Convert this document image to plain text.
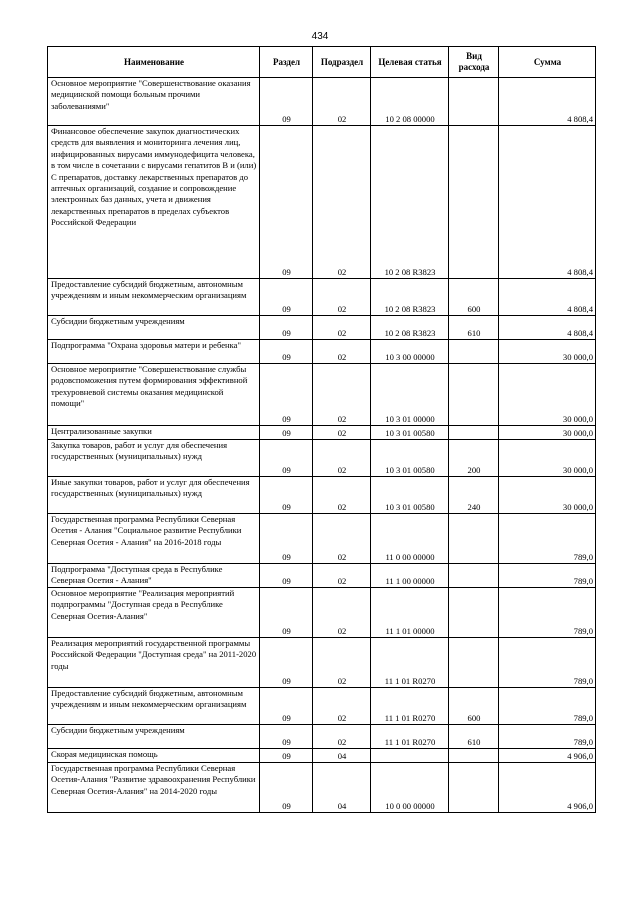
434
Наименование	Раздел	Подраздел	Целевая статья	Вид расхода	Сумма
Основное мероприятие "Совершенствование оказания медицинской помощи больным прочими заболеваниями"	09	02	10 2 08 00000		4 808,4
Финансовое обеспечение закупок диагностических средств для выявления и мониторинга лечения лиц, инфицированных вирусами иммунодефицита человека, в том числе в сочетании с вирусами гепатитов В и (или) С препаратов, доставку лекарственных препаратов до аптечных организаций, создание и сопровождение электронных баз данных, учета и движения лекарственных препаратов в пределах субъектов Российской Федерации	09	02	10 2 08 R3823		4 808,4
Предоставление субсидий бюджетным, автономным учреждениям и иным некоммерческим организациям	09	02	10 2 08 R3823	600	4 808,4
Субсидии бюджетным учреждениям	09	02	10 2 08 R3823	610	4 808,4
Подпрограмма "Охрана здоровья матери и ребенка"	09	02	10 3 00 00000		30 000,0
Основное мероприятие "Совершенствование службы родовспоможения путем формирования эффективной трехуровневой системы оказания медицинской помощи"	09	02	10 3 01 00000		30 000,0
Централизованные закупки	09	02	10 3 01 00580		30 000,0
Закупка товаров, работ и услуг для обеспечения государственных (муниципальных) нужд	09	02	10 3 01 00580	200	30 000,0
Иные закупки товаров, работ и услуг для обеспечения государственных (муниципальных) нужд	09	02	10 3 01 00580	240	30 000,0
Государственная программа Республики Северная Осетия - Алания "Социальное развитие Республики Северная Осетия - Алания" на 2016-2018 годы	09	02	11 0 00 00000		789,0
Подпрограмма "Доступная среда в Республике Северная Осетия - Алания"	09	02	11 1 00 00000		789,0
Основное мероприятие "Реализация мероприятий подпрограммы "Доступная среда в Республике Северная Осетия-Алания"	09	02	11 1 01 00000		789,0
Реализация мероприятий государственной программы Российской Федерации "Доступная среда" на 2011-2020 годы	09	02	11 1 01 R0270		789,0
Предоставление субсидий бюджетным, автономным учреждениям и иным некоммерческим организациям	09	02	11 1 01 R0270	600	789,0
Субсидии бюджетным учреждениям	09	02	11 1 01 R0270	610	789,0
Скорая медицинская помощь	09	04			4 906,0
Государственная программа Республики Северная Осетия-Алания "Развитие здравоохранения Республики Северная Осетия-Алания" на 2014-2020 годы	09	04	10 0 00 00000		4 906,0
